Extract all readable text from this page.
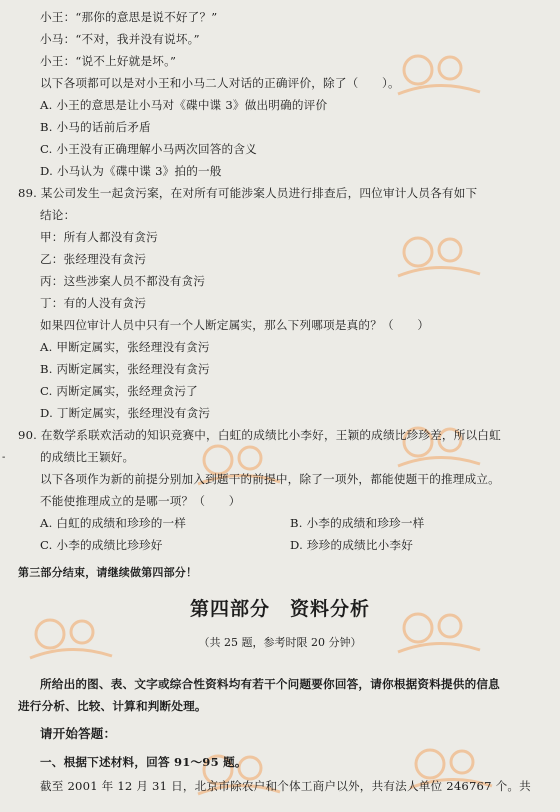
小王：“那你的意思是说不好了？”
小马：“不对，我并没有说坏。”
小王：“说不上好就是坏。”
以下各项都可以是对小王和小马二人对话的正确评价，除了（　　）。
A. 小王的意思是让小马对《碟中谍 3》做出明确的评价
B. 小马的话前后矛盾
C. 小王没有正确理解小马两次回答的含义
D. 小马认为《碟中谍 3》拍的一般
89. 某公司发生一起贪污案，在对所有可能涉案人员进行排查后，四位审计人员各有如下
结论：
甲：所有人都没有贪污
乙：张经理没有贪污
丙：这些涉案人员不都没有贪污
丁：有的人没有贪污
如果四位审计人员中只有一个人断定属实，那么下列哪项是真的？（　　）
A. 甲断定属实，张经理没有贪污
B. 丙断定属实，张经理没有贪污
C. 丙断定属实，张经理贪污了
D. 丁断定属实，张经理没有贪污
90. 在数学系联欢活动的知识竞赛中，白虹的成绩比小李好，王颖的成绩比珍珍差，所以白虹
的成绩比王颖好。
以下各项作为新的前提分别加入到题干的前提中，除了一项外，都能使题干的推理成立。
不能使推理成立的是哪一项？（　　）
A. 白虹的成绩和珍珍的一样	B. 小李的成绩和珍珍一样
C. 小李的成绩比珍珍好	D. 珍珍的成绩比小李好
-
第三部分结束，请继续做第四部分！
第四部分　资料分析
（共 25 题，参考时限 20 分钟）
所给出的图、表、文字或综合性资料均有若干个问题要你回答，请你根据资料提供的信息
进行分析、比较、计算和判断处理。
请开始答题：
一、根据下述材料，回答 91～95 题。
截至 2001 年 12 月 31 日，北京市除农户和个体工商户以外，共有法人单位 246767 个。共
